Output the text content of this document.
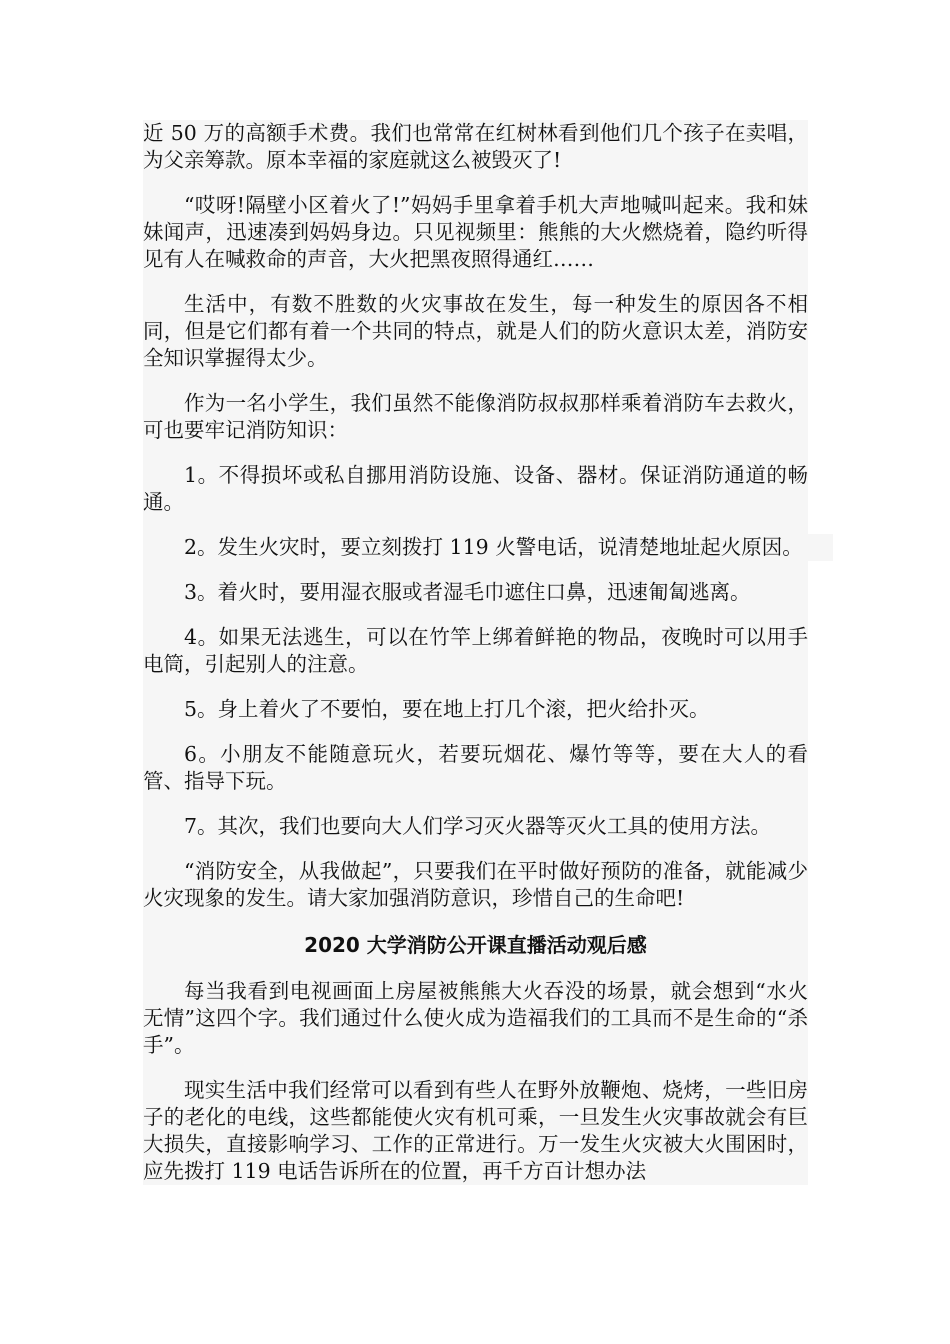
近 50 万的高额手术费。我们也常常在红树林看到他们几个孩子在卖唱，为父亲筹款。原本幸福的家庭就这么被毁灭了!

“哎呀!隔壁小区着火了!”妈妈手里拿着手机大声地喊叫起来。我和妹妹闻声，迅速凑到妈妈身边。只见视频里：熊熊的大火燃烧着，隐约听得见有人在喊救命的声音，大火把黑夜照得通红……

生活中，有数不胜数的火灾事故在发生，每一种发生的原因各不相同，但是它们都有着一个共同的特点，就是人们的防火意识太差，消防安全知识掌握得太少。

作为一名小学生，我们虽然不能像消防叔叔那样乘着消防车去救火，可也要牢记消防知识：

1。不得损坏或私自挪用消防设施、设备、器材。保证消防通道的畅通。

2。发生火灾时，要立刻拨打 119 火警电话，说清楚地址起火原因。

3。着火时，要用湿衣服或者湿毛巾遮住口鼻，迅速匍匐逃离。

4。如果无法逃生，可以在竹竿上绑着鲜艳的物品，夜晚时可以用手电筒，引起别人的注意。

5。身上着火了不要怕，要在地上打几个滚，把火给扑灭。

6。小朋友不能随意玩火，若要玩烟花、爆竹等等，要在大人的看管、指导下玩。

7。其次，我们也要向大人们学习灭火器等灭火工具的使用方法。

“消防安全，从我做起”，只要我们在平时做好预防的准备，就能减少火灾现象的发生。请大家加强消防意识，珍惜自己的生命吧!

2020 大学消防公开课直播活动观后感

每当我看到电视画面上房屋被熊熊大火吞没的场景，就会想到“水火无情”这四个字。我们通过什么使火成为造福我们的工具而不是生命的“杀手”。

现实生活中我们经常可以看到有些人在野外放鞭炮、烧烤，一些旧房子的老化的电线，这些都能使火灾有机可乘，一旦发生火灾事故就会有巨大损失，直接影响学习、工作的正常进行。万一发生火灾被大火围困时，应先拨打 119 电话告诉所在的位置，再千方百计想办法
